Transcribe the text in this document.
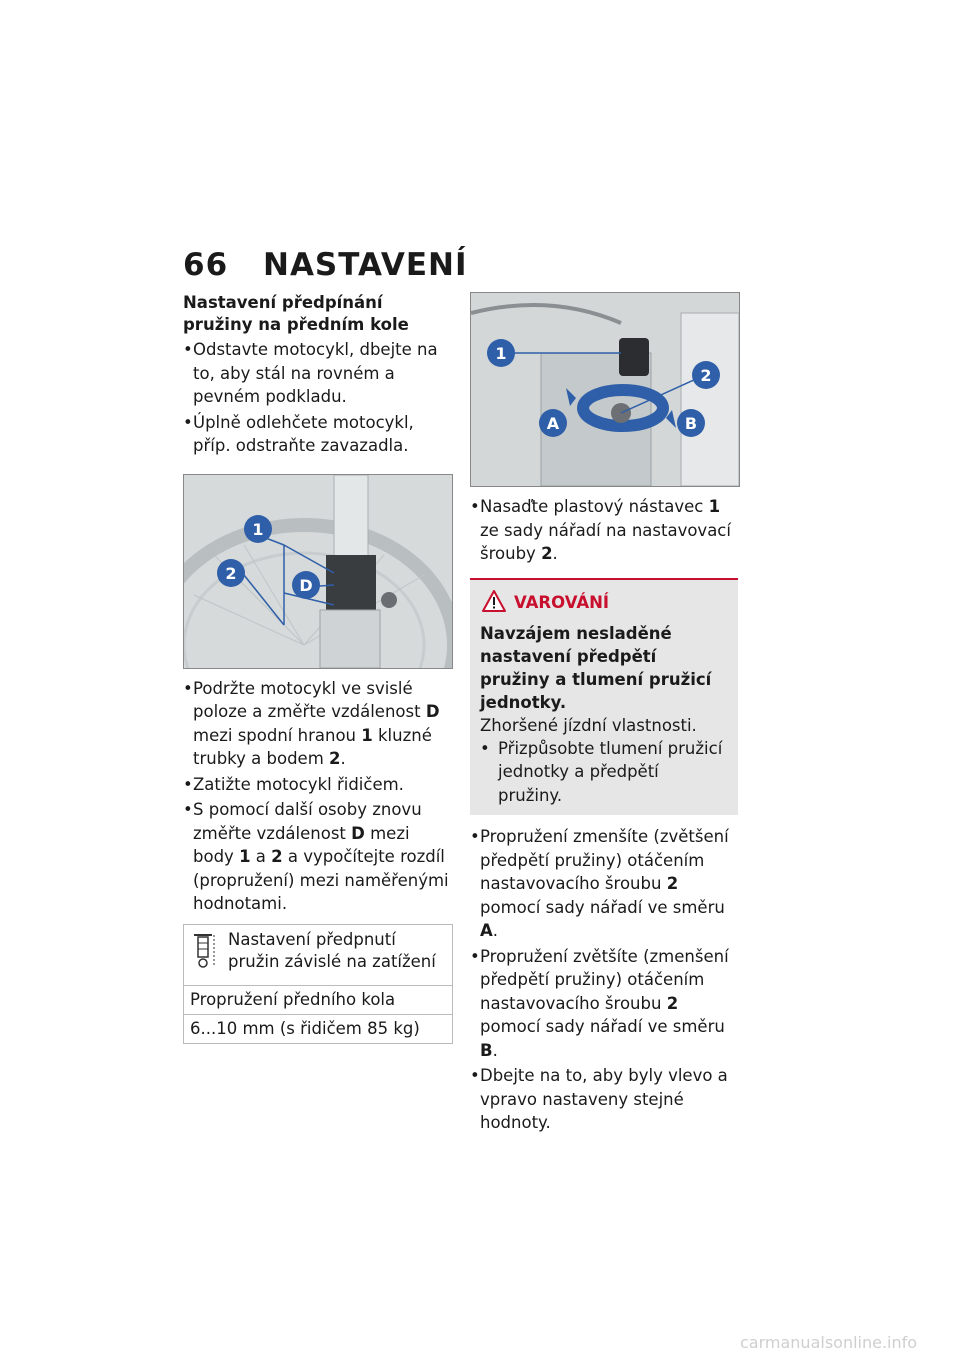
66 NASTAVENÍ
Nastavení předpínání pružiny na předním kole
• Odstavte motocykl, dbejte na to, aby stál na rovném a pevném podkladu.
• Úplně odlehčete motocykl, příp. odstraňte zavazadla.
1
2
D
• Podržte motocykl ve svislé poloze a změřte vzdálenost D mezi spodní hranou 1 kluzné trubky a bodem 2.
• Zatižte motocykl řidičem.
• S pomocí další osoby znovu změřte vzdálenost D mezi body 1 a 2 a vypočítejte rozdíl (propružení) mezi naměřenými hodnotami.
Nastavení předpnutí pružin závislé na zatížení
Propružení předního kola
6...10 mm (s řidičem 85 kg)
1
2
A	B
• Nasaďte plastový nástavec 1 ze sady nářadí na nastavovací šrouby 2.
VAROVÁNÍ
Navzájem nesladěné nastavení předpětí pružiny a tlumení pružicí jednotky.
Zhoršené jízdní vlastnosti.
• Přizpůsobte tlumení pružicí jednotky a předpětí pružiny.
• Propružení zmenšíte (zvětšení předpětí pružiny) otáčením nastavovacího šroubu 2 pomocí sady nářadí ve směru A.
• Propružení zvětšíte (zmenšení předpětí pružiny) otáčením nastavovacího šroubu 2 pomocí sady nářadí ve směru B.
• Dbejte na to, aby byly vlevo a vpravo nastaveny stejné hodnoty.
carmanualsonline.info
